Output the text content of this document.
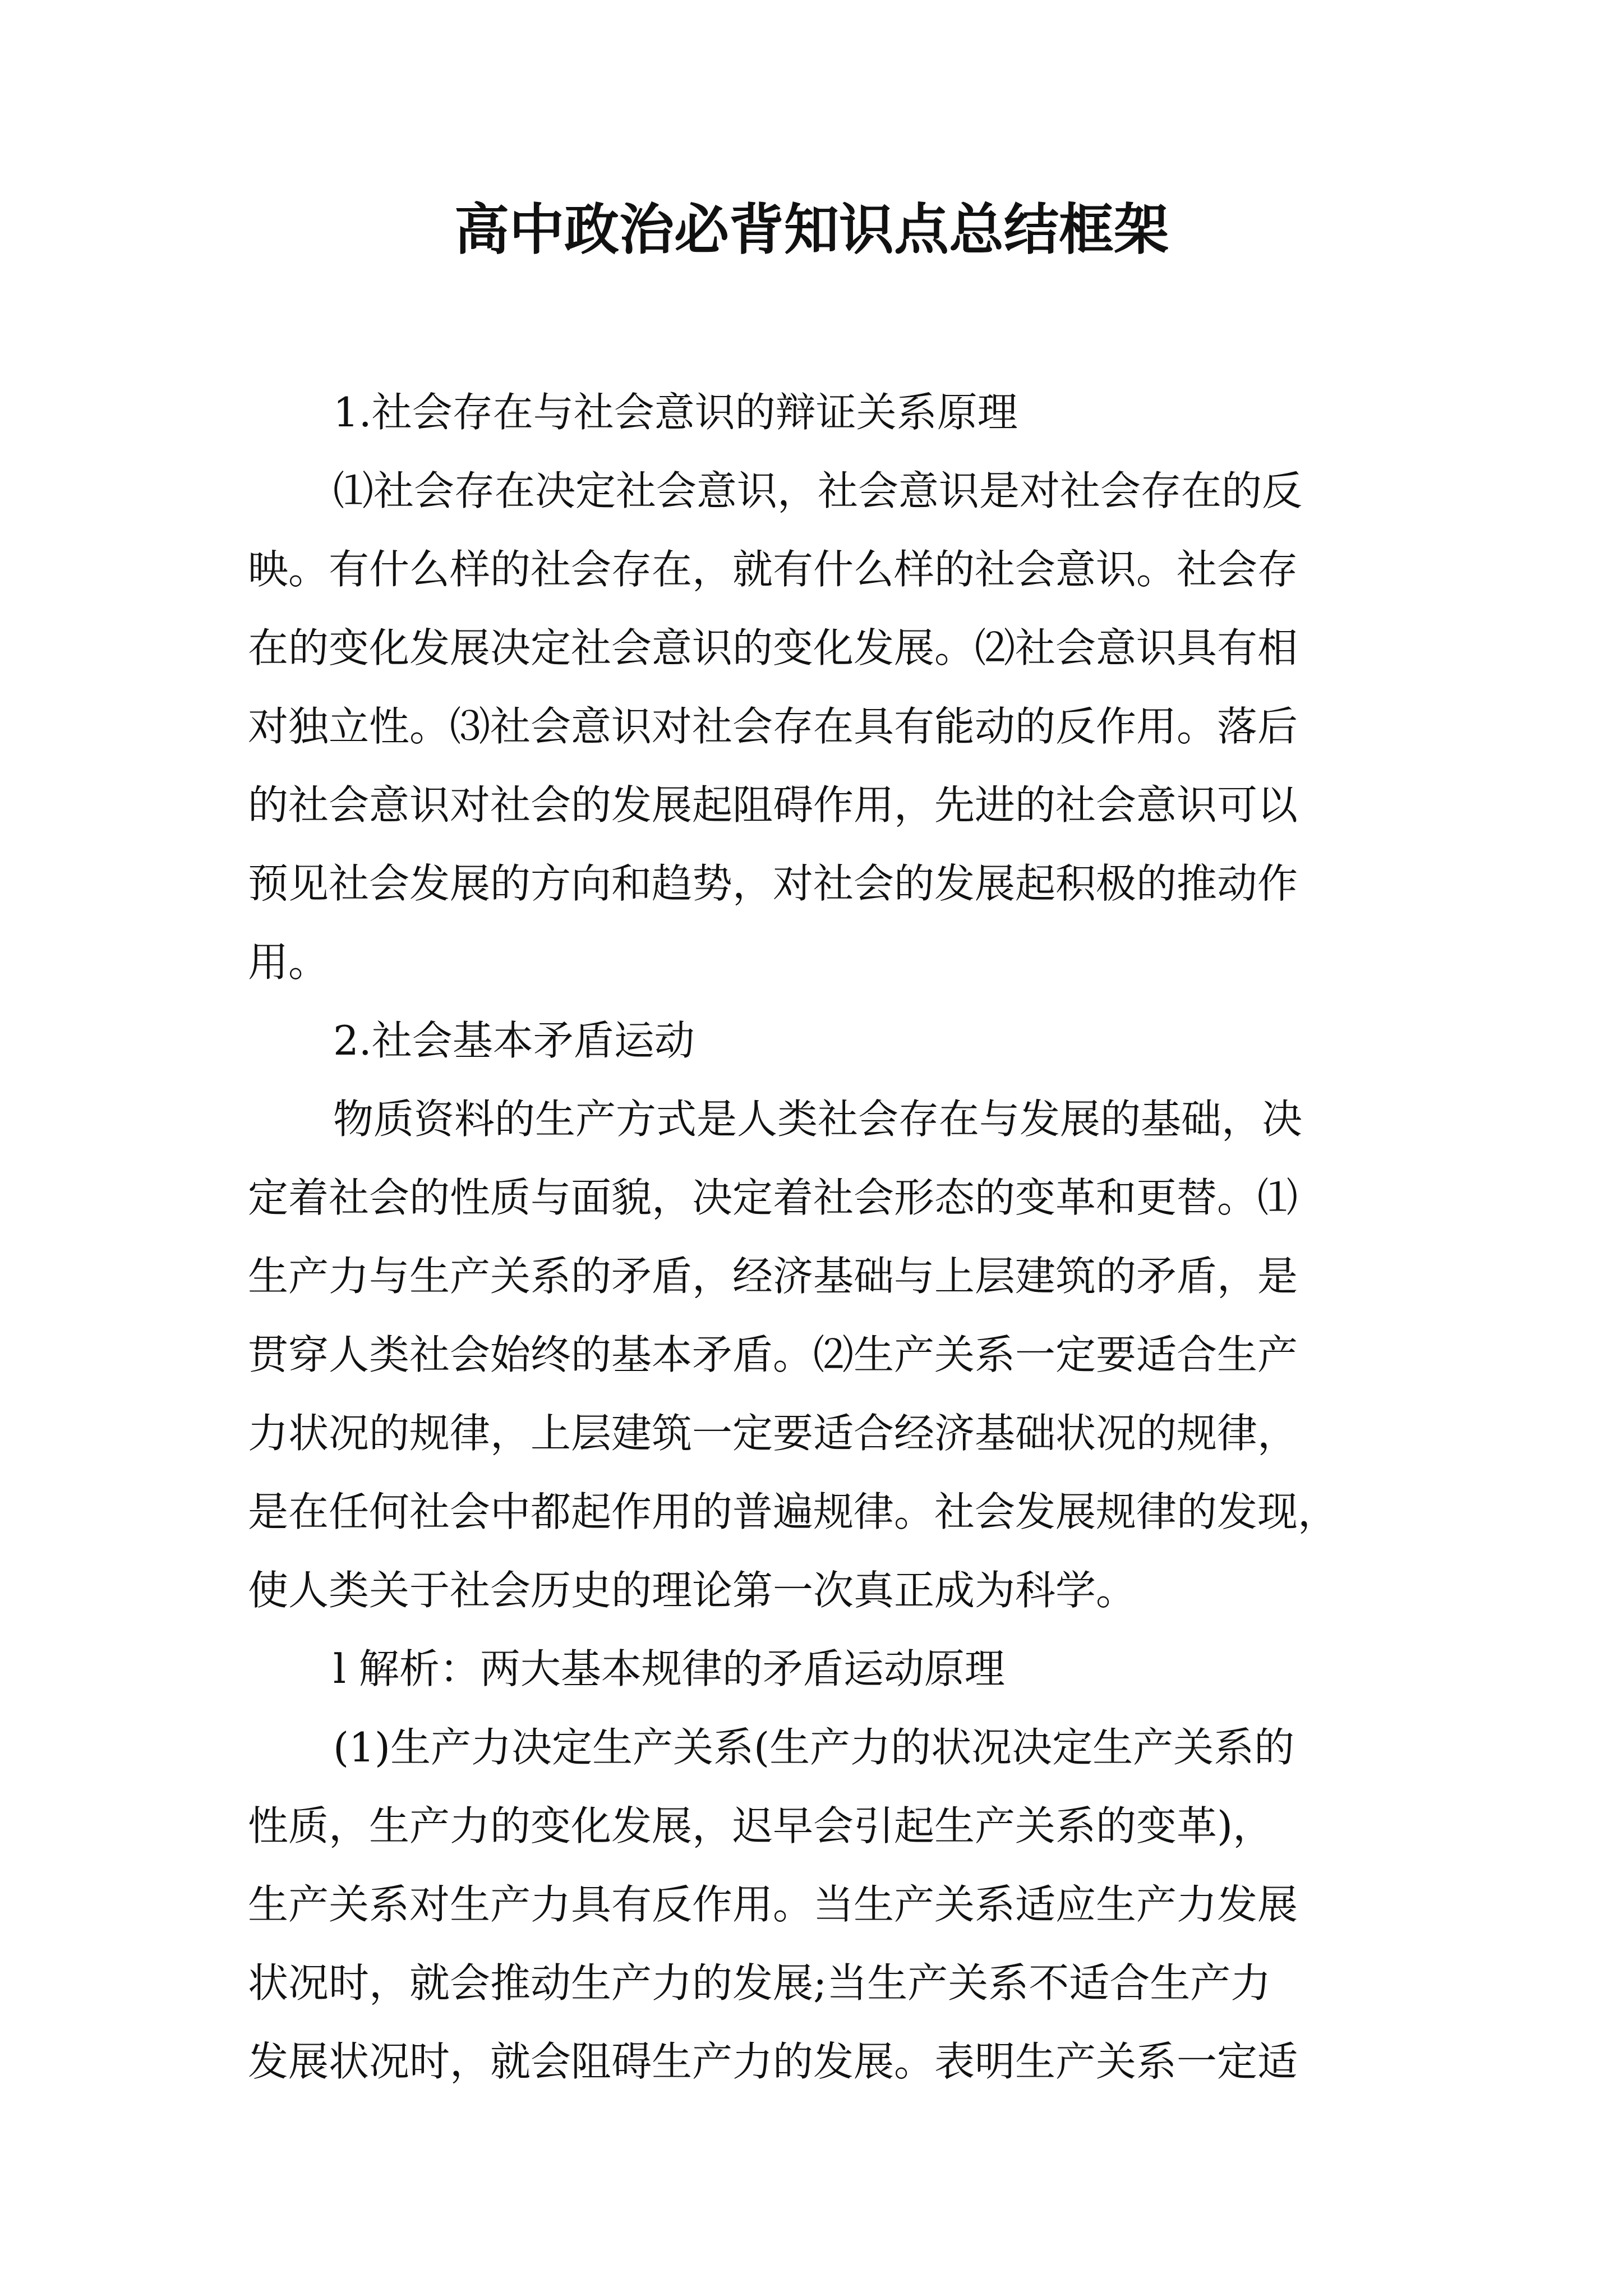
高中政治必背知识点总结框架
1.社会存在与社会意识的辩证关系原理
⑴社会存在决定社会意识，社会意识是对社会存在的反
映。有什么样的社会存在，就有什么样的社会意识。社会存
在的变化发展决定社会意识的变化发展。⑵社会意识具有相
对独立性。⑶社会意识对社会存在具有能动的反作用。落后
的社会意识对社会的发展起阻碍作用，先进的社会意识可以
预见社会发展的方向和趋势，对社会的发展起积极的推动作
用。
2.社会基本矛盾运动
物质资料的生产方式是人类社会存在与发展的基础，决
定着社会的性质与面貌，决定着社会形态的变革和更替。⑴
生产力与生产关系的矛盾，经济基础与上层建筑的矛盾，是
贯穿人类社会始终的基本矛盾。⑵生产关系一定要适合生产
力状况的规律，上层建筑一定要适合经济基础状况的规律，
是在任何社会中都起作用的普遍规律。社会发展规律的发现，
使人类关于社会历史的理论第一次真正成为科学。
l 解析：两大基本规律的矛盾运动原理
(1)生产力决定生产关系(生产力的状况决定生产关系的
性质，生产力的变化发展，迟早会引起生产关系的变革)，
生产关系对生产力具有反作用。当生产关系适应生产力发展
状况时，就会推动生产力的发展;当生产关系不适合生产力
发展状况时，就会阻碍生产力的发展。表明生产关系一定适
